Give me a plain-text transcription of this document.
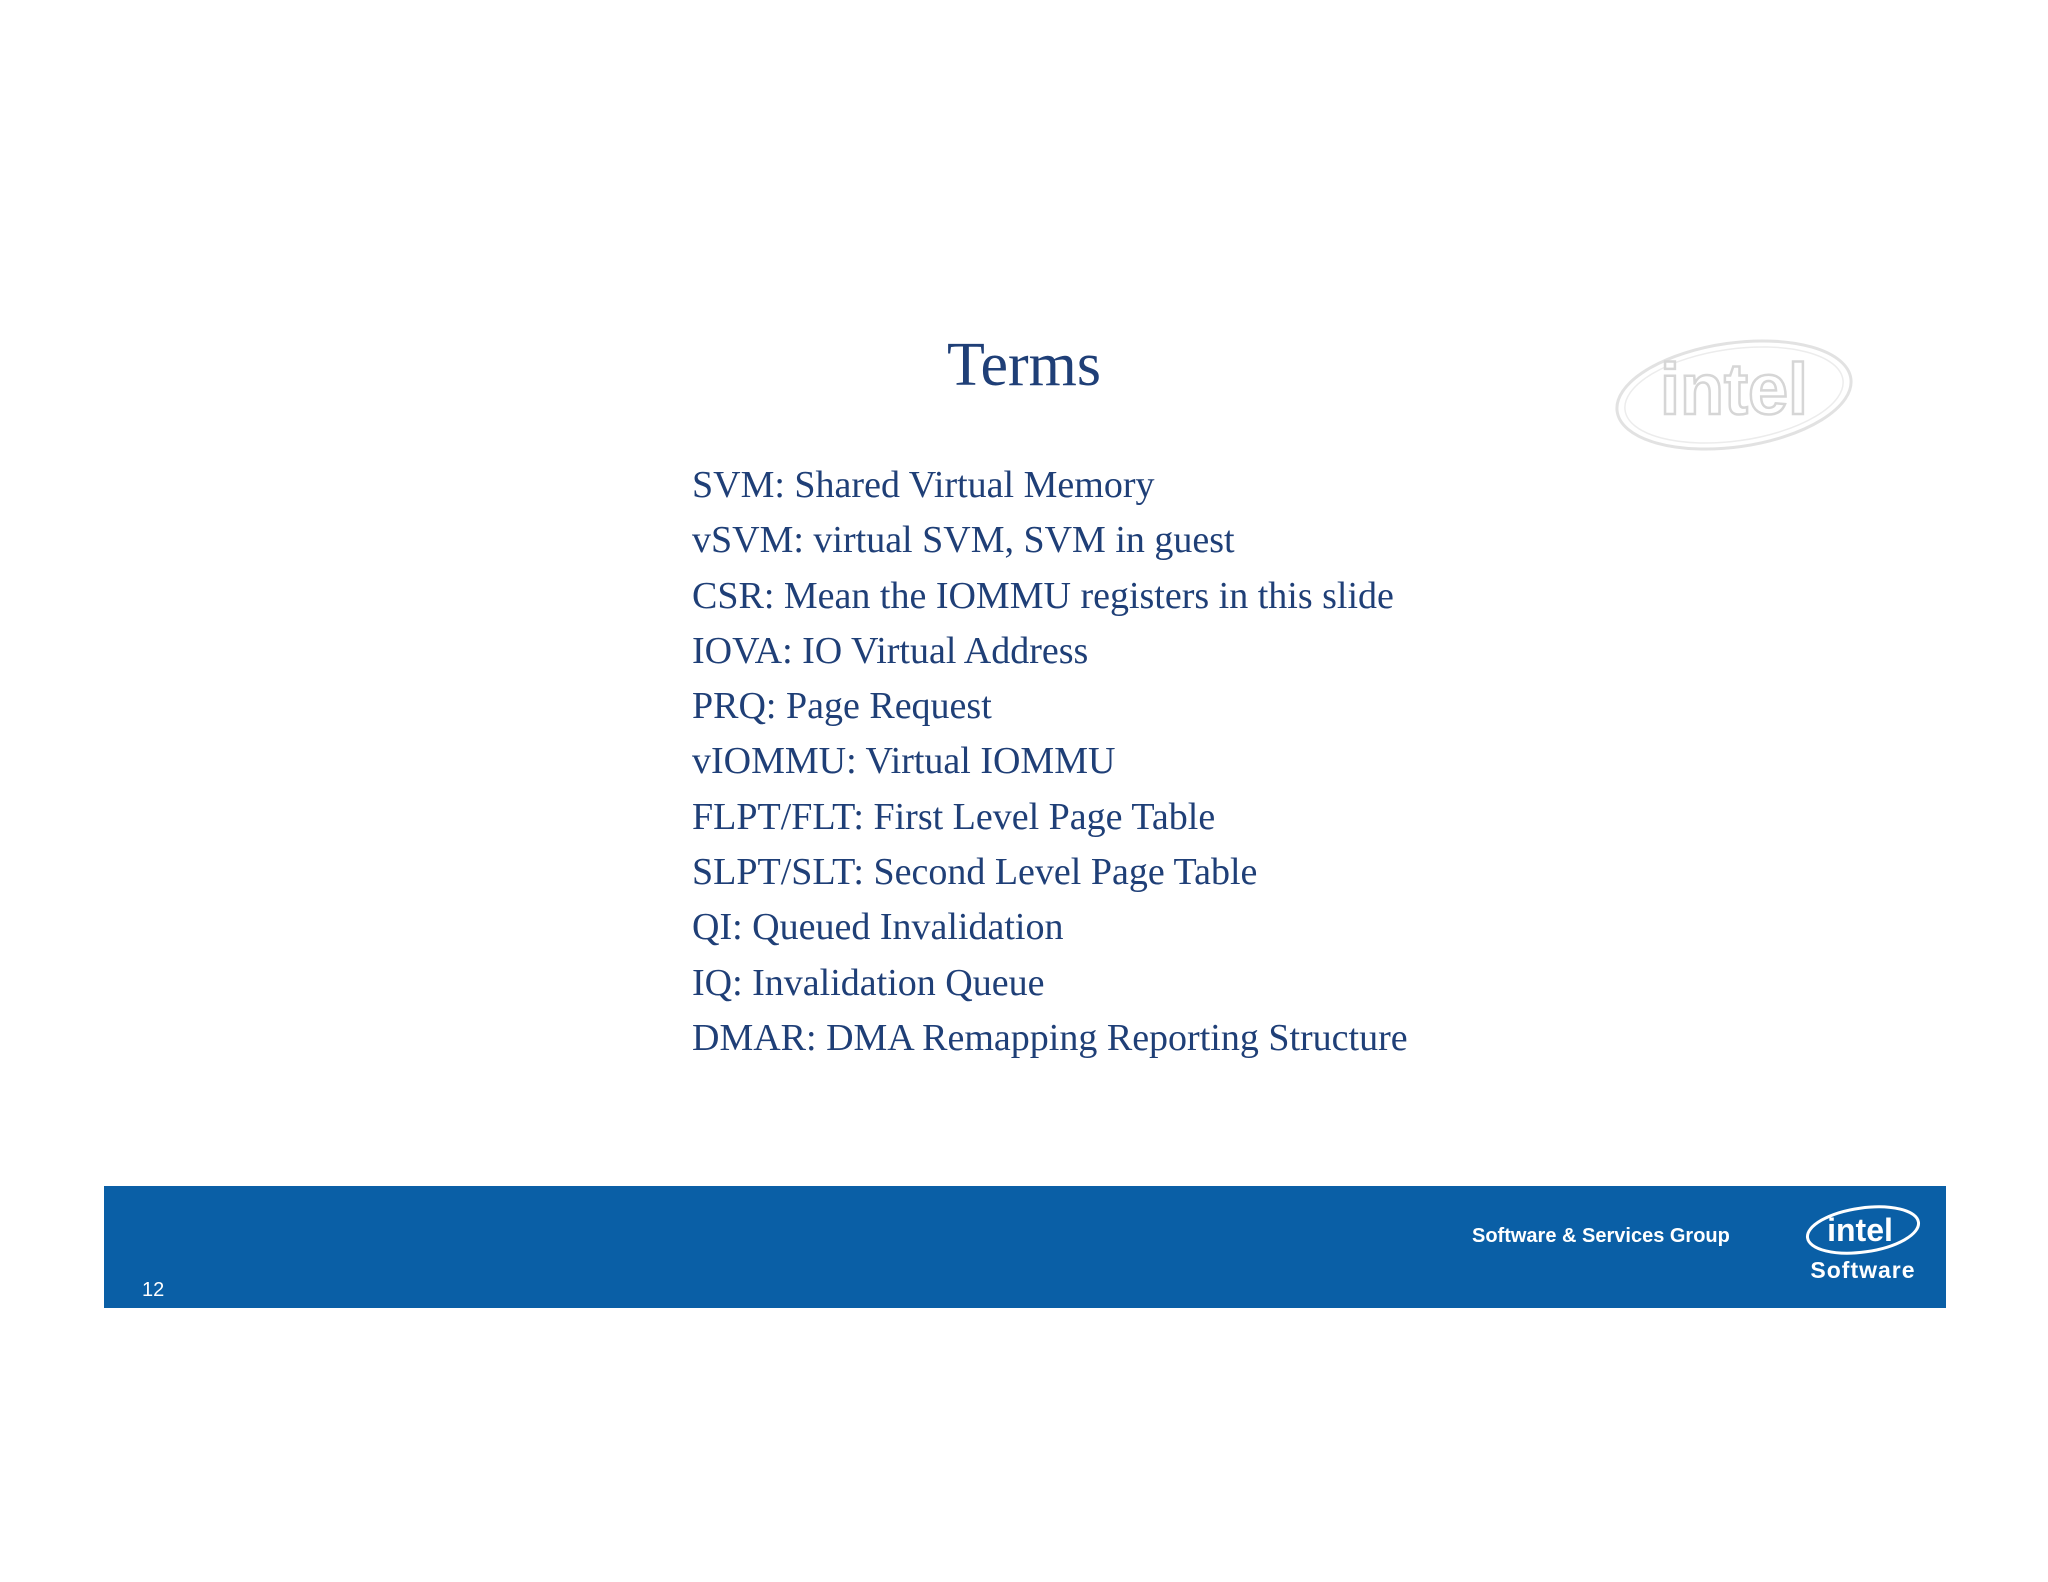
Terms	intel
SVM: Shared Virtual Memory
vSVM: virtual SVM, SVM in guest
CSR: Mean the IOMMU registers in this slide
IOVA: IO Virtual Address
PRQ: Page Request
vIOMMU: Virtual IOMMU
FLPT/FLT: First Level Page Table
SLPT/SLT: Second Level Page Table
QI: Queued Invalidation
IQ: Invalidation Queue
DMAR: DMA Remapping Reporting Structure
12
Software & Services Group	intel
Software
